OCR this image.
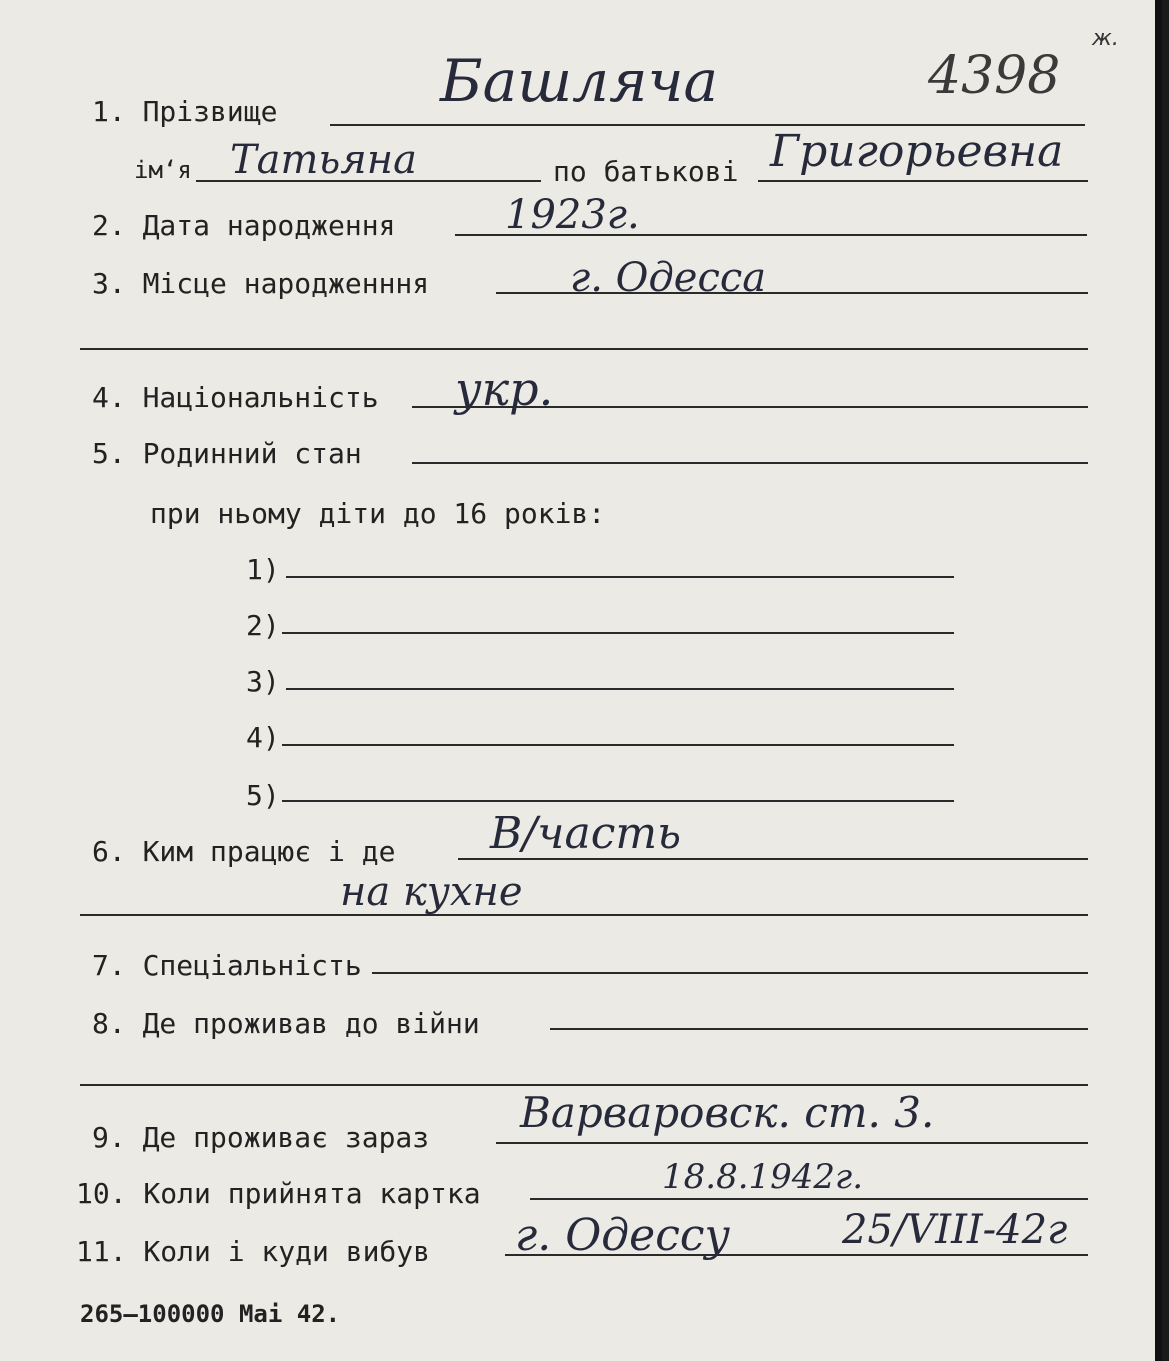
4398
ж.
1. Прізвище	Башляча
ім‘я Татьяна	по батькові Григорьевна
2. Дата народження	1923г.
3. Місце народженння	г. Одесса
4. Національність укр.
5. Родинний стан
при ньому діти до 16 років:
1)
2)
3)
4)
5)
6. Ким працює і де В/часть
на кухне
7. Спеціальність
8. Де проживав до війни
9. Де проживає зараз
Варваровск. ст. 3.
10. Коли прийнята картка	18.8.1942г.
11. Коли і куди вибув г. Одессу	25/VIII-42г
265–100000 Mai 42.
